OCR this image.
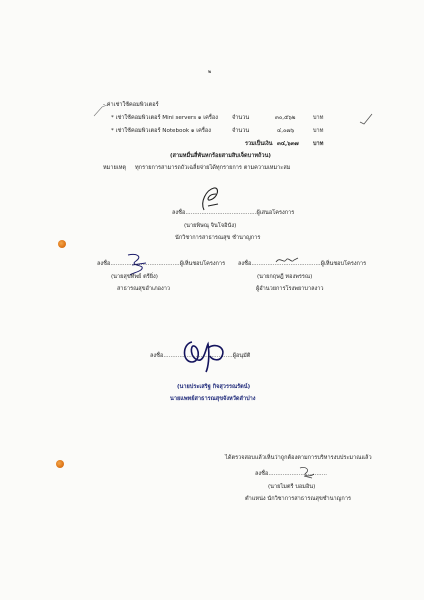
๒
- ค่าเช่าใช้คอมพิวเตอร์
* เช่าใช้คอมพิวเตอร์ Mini servers ๑ เครื่อง	จำนวน	๓๐,๕๖๒	บาท
* เช่าใช้คอมพิวเตอร์ Notebook ๑ เครื่อง	จำนวน	๔,๐๗๖	บาท
รวมเป็นเงิน ๓๔,๖๓๗	บาท
(สามหมื่นสี่พันหกร้อยสามสิบเจ็ดบาทถ้วน)
หมายเหตุ ทุกรายการสามารถถัวเฉลี่ยจ่ายได้ทุกรายการ ตามความเหมาะสม
ลงชื่อ........................................ผู้เสนอโครงการ
(นายพิษณุ จินโจอินัง)
นักวิชาการสาธารณสุข ชำนาญการ
ลงชื่อ.......................................ผู้เห็นชอบโครงการ
(นายสุขทิพย์ ตรียิ่ง)
สาธารณสุขอำเภองาว
ลงชื่อ.......................................ผู้เห็นชอบโครงการ
(นายกฤษฎี ทองพรรณ)
ผู้อำนวยการโรงพยาบาลงาว
ลงชื่อ.......................................ผู้อนุมัติ
(นายประเสริฐ กิจสุวรรณรัตน์)
นายแพทย์สาธารณสุขจังหวัดลำปาง
ได้ตรวจสอบแล้วเห็นว่าถูกต้องตามการบริหารงบประมาณแล้ว
ลงชื่อ.................................
(นายไมตรี บอมอิน)
ตำแหน่ง นักวิชาการสาธารณสุขชำนาญการ
